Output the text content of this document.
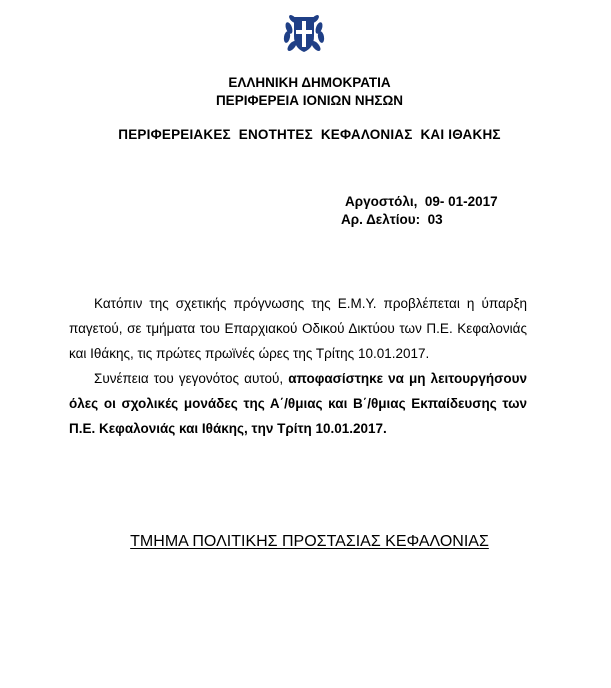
ΕΛΛΗΝΙΚΗ ΔΗΜΟΚΡΑΤΙΑ
ΠΕΡΙΦΕΡΕΙΑ ΙΟΝΙΩΝ ΝΗΣΩΝ
ΠΕΡΙΦΕΡΕΙΑΚΕΣ  ΕΝΟΤΗΤΕΣ  ΚΕΦΑΛΟΝΙΑΣ  ΚΑΙ ΙΘΑΚΗΣ
Αργοστόλι,  09- 01-2017
Αρ. Δελτίου:  03
Κατόπιν της σχετικής πρόγνωσης της Ε.Μ.Υ. προβλέπεται η ύπαρξη παγετού, σε τμήματα του Επαρχιακού Οδικού Δικτύου των Π.Ε. Κεφαλονιάς και Ιθάκης, τις πρώτες πρωϊνές ώρες της Τρίτης 10.01.2017.
Συνέπεια του γεγονότος αυτού, αποφασίστηκε να μη λειτουργήσουν όλες οι σχολικές μονάδες της Α΄/θμιας και Β΄/θμιας Εκπαίδευσης των Π.Ε. Κεφαλονιάς και Ιθάκης, την Τρίτη 10.01.2017.
ΤΜΗΜΑ ΠΟΛΙΤΙΚΗΣ ΠΡΟΣΤΑΣΙΑΣ ΚΕΦΑΛΟΝΙΑΣ
